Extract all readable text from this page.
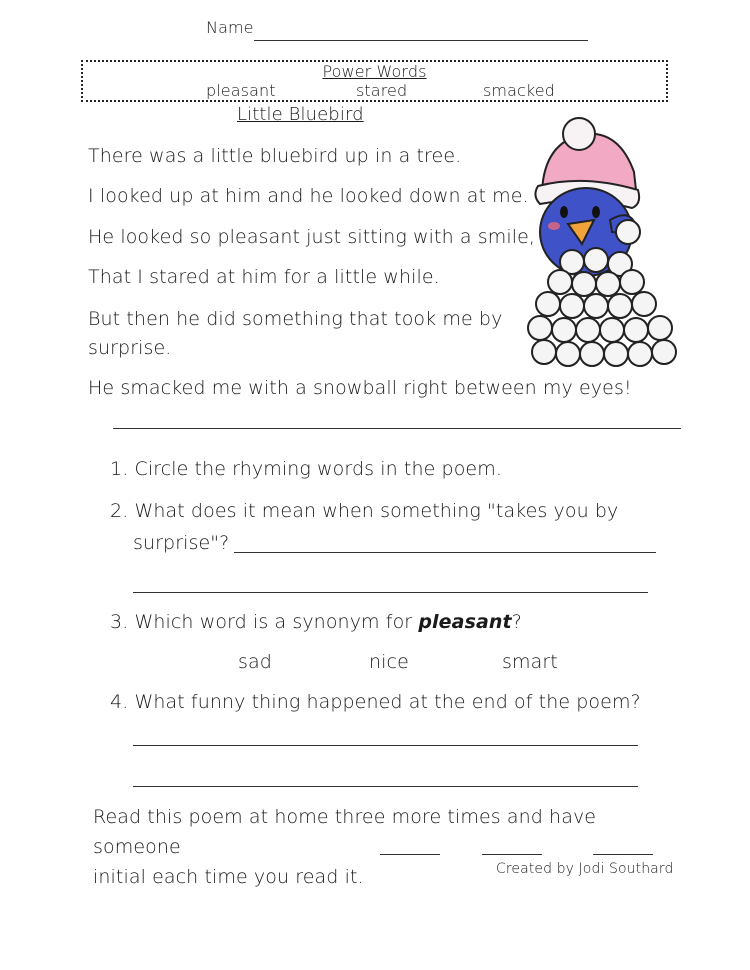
Name
Power Words
pleasant	stared	smacked
Little Bluebird
There was a little bluebird up in a tree.
I looked up at him and he looked down at me.
He looked so pleasant just sitting with a smile,
That I stared at him for a little while.
But then he did something that took me by
surprise.
He smacked me with a snowball right between my eyes!
1. Circle the rhyming words in the poem.
2. What does it mean when something "takes you by
surprise"?
3. Which word is a synonym for pleasant?
sad	nice	smart
4. What funny thing happened at the end of the poem?
Read this poem at home three more times and have someone
initial each time you read it.	Created by Jodi Southard
